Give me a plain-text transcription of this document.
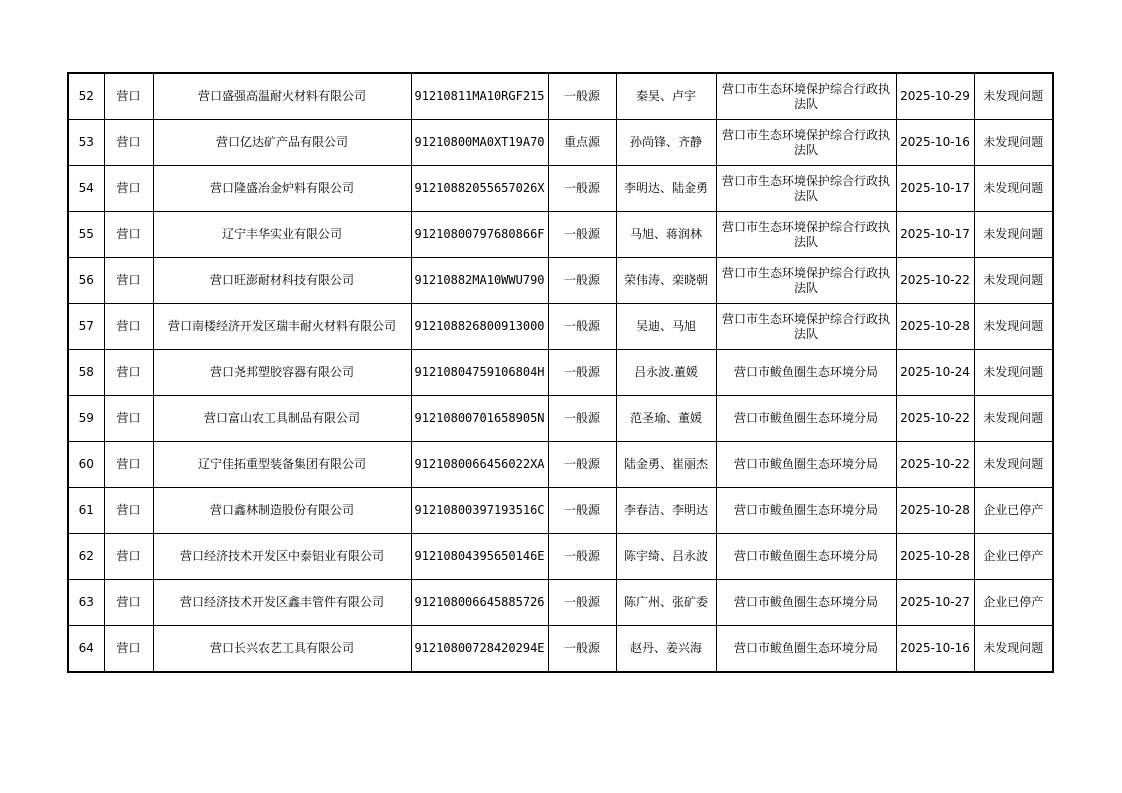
52	营口	营口盛强高温耐火材料有限公司	91210811MA10RGF215	一般源	秦昊、卢宇	营口市生态环境保护综合行政执法队	2025-10-29	未发现问题
53	营口	营口亿达矿产品有限公司	91210800MA0XT19A70	重点源	孙尚锋、齐静	营口市生态环境保护综合行政执法队	2025-10-16	未发现问题
54	营口	营口隆盛冶金炉料有限公司	91210882055657026X	一般源	李明达、陆金勇	营口市生态环境保护综合行政执法队	2025-10-17	未发现问题
55	营口	辽宁丰华实业有限公司	91210800797680866F	一般源	马旭、蒋润林	营口市生态环境保护综合行政执法队	2025-10-17	未发现问题
56	营口	营口旺澎耐材科技有限公司	91210882MA10WWU790	一般源	荣伟涛、栾晓朝	营口市生态环境保护综合行政执法队	2025-10-22	未发现问题
57	营口	营口南楼经济开发区瑞丰耐火材料有限公司	912108826800913000	一般源	吴迪、马旭	营口市生态环境保护综合行政执法队	2025-10-28	未发现问题
58	营口	营口尧邦塑胶容器有限公司	91210804759106804H	一般源	吕永波.董媛	营口市鲅鱼圈生态环境分局	2025-10-24	未发现问题
59	营口	营口富山农工具制品有限公司	91210800701658905N	一般源	范圣瑜、董媛	营口市鲅鱼圈生态环境分局	2025-10-22	未发现问题
60	营口	辽宁佳拓重型装备集团有限公司	9121080066456022XA	一般源	陆金勇、崔丽杰	营口市鲅鱼圈生态环境分局	2025-10-22	未发现问题
61	营口	营口鑫林制造股份有限公司	91210800397193516C	一般源	李春洁、李明达	营口市鲅鱼圈生态环境分局	2025-10-28	企业已停产
62	营口	营口经济技术开发区中泰铝业有限公司	91210804395650146E	一般源	陈宇绮、吕永波	营口市鲅鱼圈生态环境分局	2025-10-28	企业已停产
63	营口	营口经济技术开发区鑫丰管件有限公司	912108006645885726	一般源	陈广州、张矿委	营口市鲅鱼圈生态环境分局	2025-10-27	企业已停产
64	营口	营口长兴农艺工具有限公司	91210800728420294E	一般源	赵丹、姜兴海	营口市鲅鱼圈生态环境分局	2025-10-16	未发现问题
